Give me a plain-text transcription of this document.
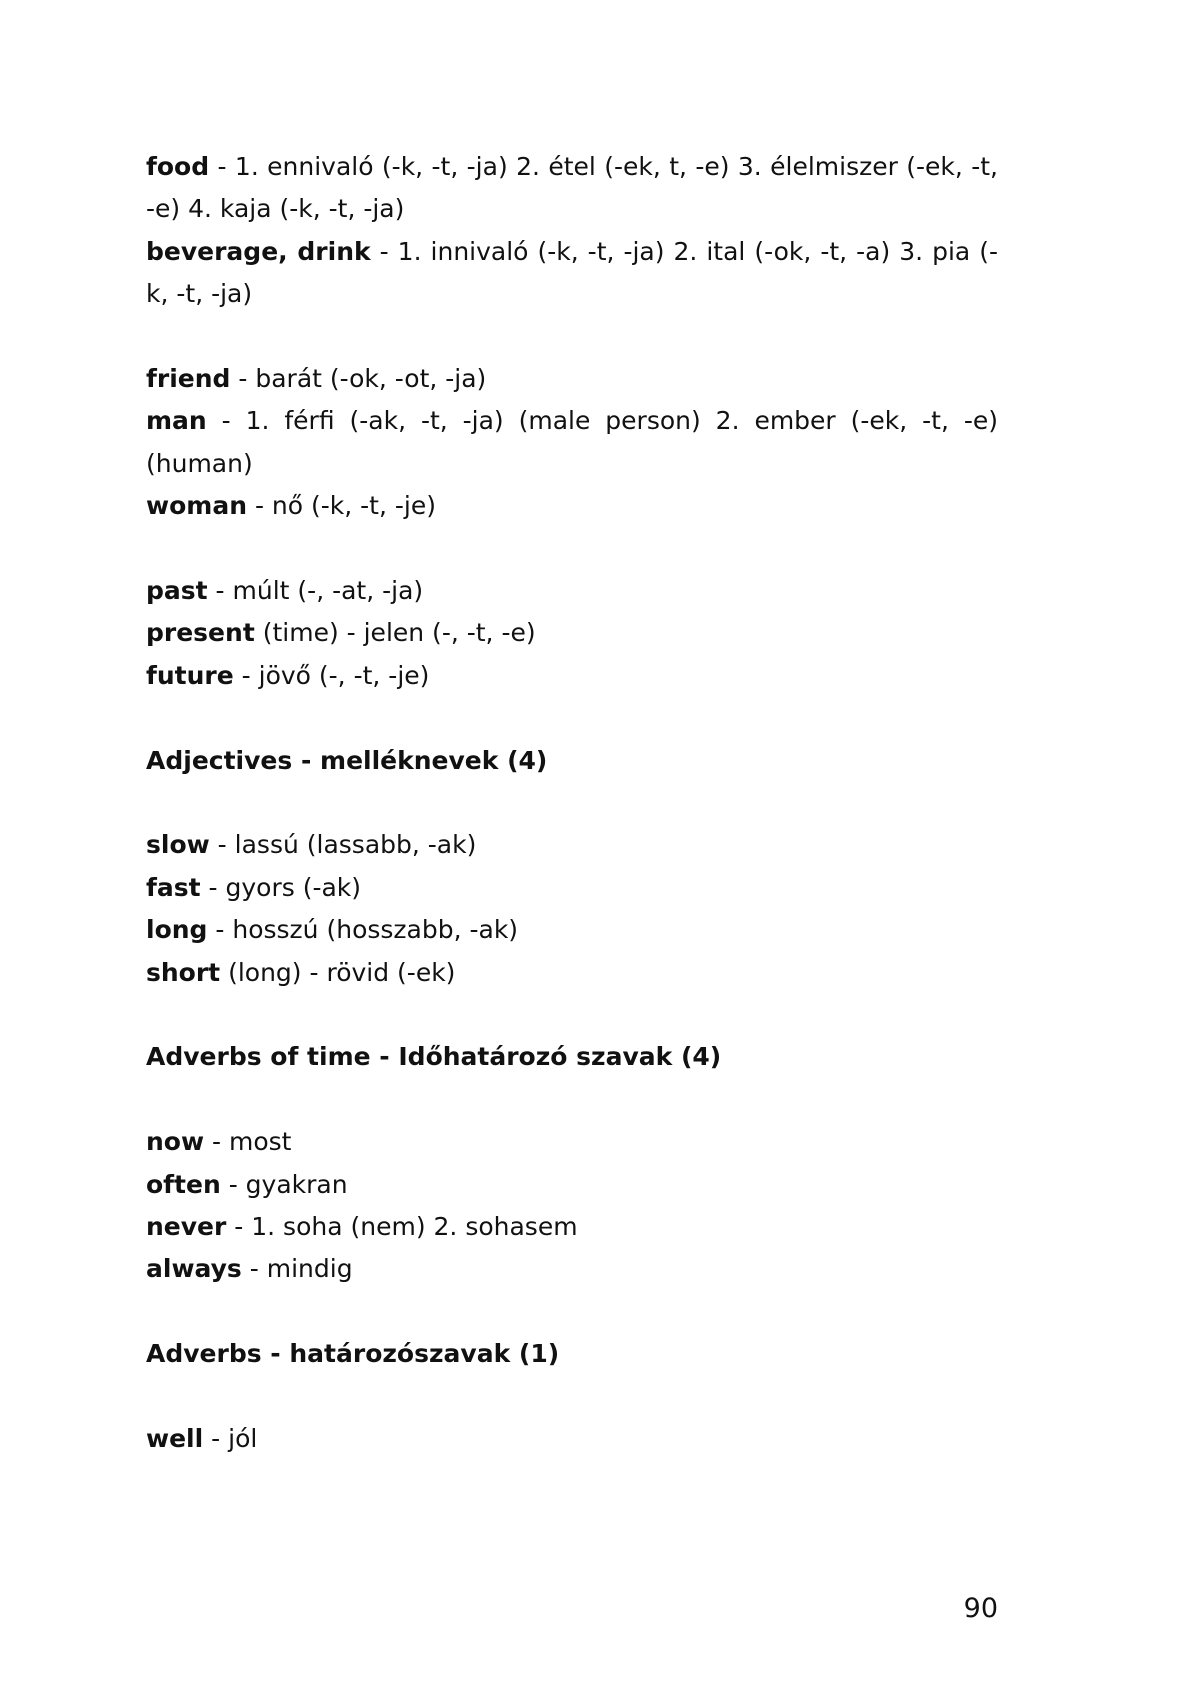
food - 1. ennivaló (-k, -t, -ja) 2. étel (-ek, t, -e) 3. élelmiszer (-ek, -t, -e) 4. kaja (-k, -t, -ja)

beverage, drink - 1. innivaló (-k, -t, -ja) 2. ital (-ok, -t, -a) 3. pia (-k, -t, -ja)

friend - barát (-ok, -ot, -ja)

man - 1. férfi (-ak, -t, -ja) (male person) 2. ember (-ek, -t, -e) (human)

woman - nő (-k, -t, -je)

past - múlt (-, -at, -ja)

present (time) - jelen (-, -t, -e)

future - jövő (-, -t, -je)

Adjectives - melléknevek (4)

slow - lassú (lassabb, -ak)

fast - gyors (-ak)

long - hosszú (hosszabb, -ak)

short (long) - rövid (-ek)

Adverbs of time - Időhatározó szavak (4)

now - most

often - gyakran

never - 1. soha (nem) 2. sohasem

always - mindig

Adverbs - határozószavak (1)

well - jól

90
